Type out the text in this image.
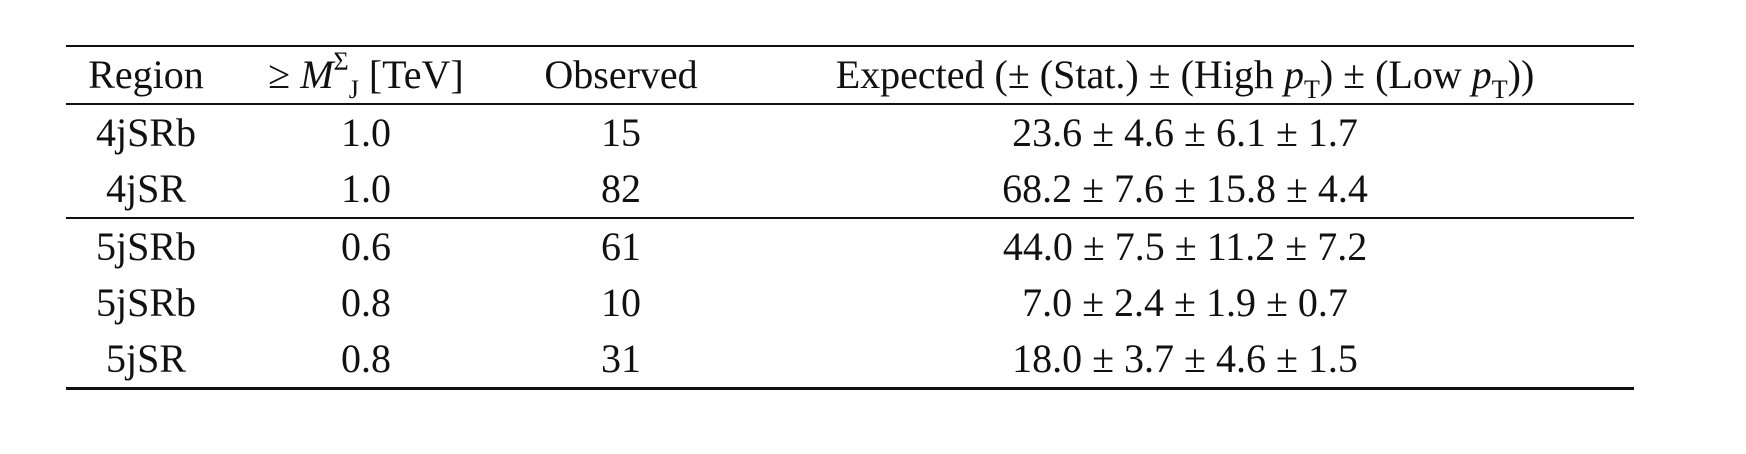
Region	≥ $M^\Sigma_J$ [TeV]	Observed	Expected (± (Stat.) ± (High $p_T) \pm (Low$ $p_T$))
4jSRb	1.0	15	23.6 ± 4.6 ± 6.1 ± 1.7
4jSR	1.0	82	68.2 ± 7.6 ± 15.8 ± 4.4
5jSRb	0.6	61	44.0 ± 7.5 ± 11.2 ± 7.2
5jSRb	0.8	10	7.0 ± 2.4 ± 1.9 ± 0.7
5jSR	0.8	31	18.0 ± 3.7 ± 4.6 ± 1.5
